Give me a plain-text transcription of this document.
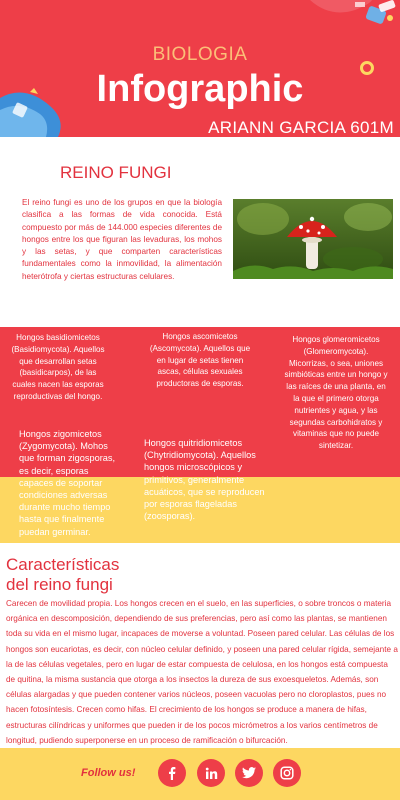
BIOLOGIA
Infographic
ARIANN GARCIA 601M
REINO FUNGI

El reino fungi es uno de los grupos en que la biología clasifica a las formas de vida conocida. Está compuesto por más de 144.000 especies diferentes de hongos entre los que figuran las levaduras, los mohos y las setas, y que comparten características fundamentales como la inmovilidad, la alimentación heterótrofa y ciertas estructuras celulares.

Hongos basidiomicetos (Basidiomycota). Aquellos que desarrollan setas (basidicarpos), de las cuales nacen las esporas reproductivas del hongo.

Hongos ascomicetos (Ascomycota). Aquellos que en lugar de setas tienen ascas, células sexuales productoras de esporas.

Hongos glomeromicetos (Glomeromycota). Micorrizas, o sea, uniones simbióticas entre un hongo y las raíces de una planta, en la que el primero otorga nutrientes y agua, y las segundas carbohidratos y vitaminas que no puede sintetizar.

Hongos zigomicetos (Zygomycota). Mohos que forman zigosporas, es decir, esporas capaces de soportar condiciones adversas durante mucho tiempo hasta que finalmente puedan germinar.

Hongos quitridiomicetos (Chytridiomycota). Aquellos hongos microscópicos y primitivos, generalmente acuáticos, que se reproducen por esporas flageladas (zoosporas).

Características del reino fungi

Carecen de movilidad propia. Los hongos crecen en el suelo, en las superficies, o sobre troncos o materia orgánica en descomposición, dependiendo de sus preferencias, pero así como las plantas, se mantienen toda su vida en el mismo lugar, incapaces de moverse a voluntad. Poseen pared celular. Las células de los hongos son eucariotas, es decir, con núcleo celular definido, y poseen una pared celular rígida, semejante a la de las células vegetales, pero en lugar de estar compuesta de celulosa, en los hongos está compuesta de quitina, la misma sustancia que otorga a los insectos la dureza de sus exoesqueletos. Además, son células alargadas y que pueden contener varios núcleos, poseen vacuolas pero no cloroplastos, pues no hacen fotosíntesis. Crecen como hifas. El crecimiento de los hongos se produce a manera de hifas, estructuras cilíndricas y uniformes que pueden ir de los pocos micrómetros a los varios centímetros de longitud, pudiendo superponerse en un proceso de ramificación o bifurcación.

Follow us!
